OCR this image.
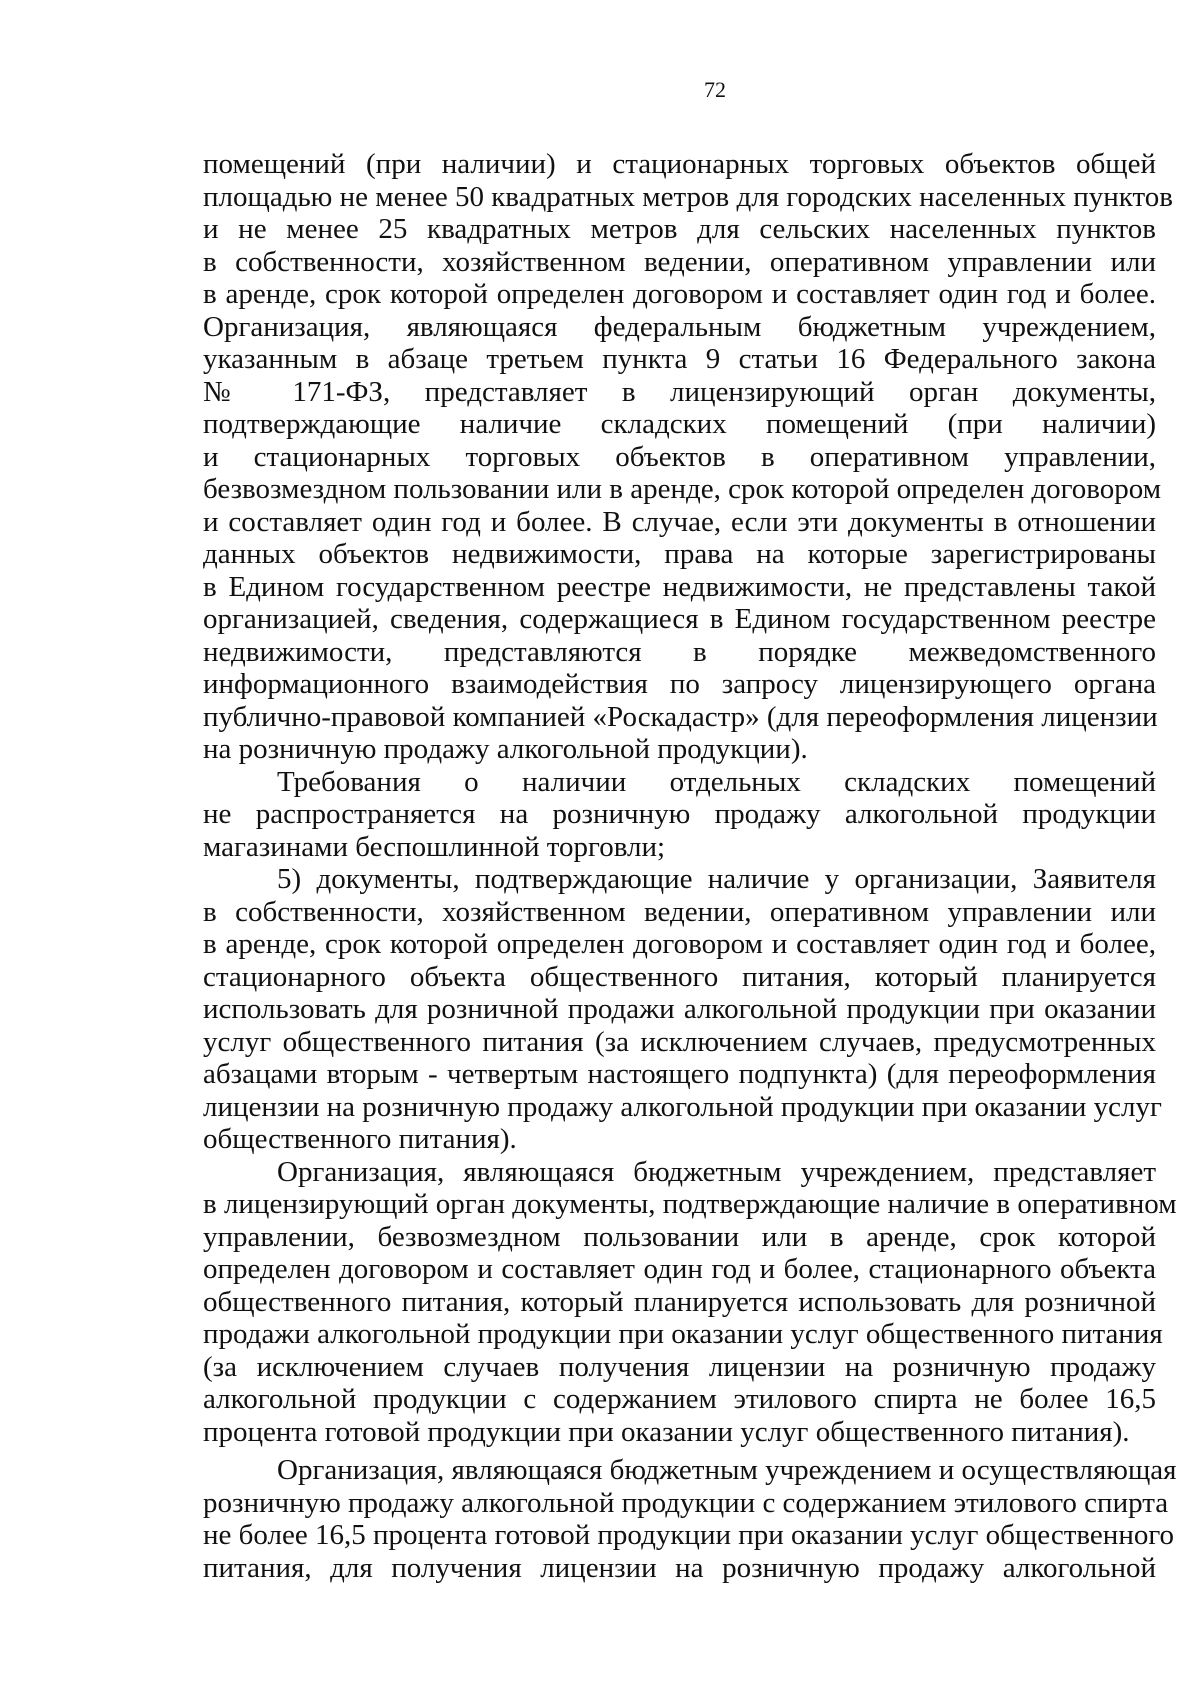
72
помещений (при наличии) и стационарных торговых объектов общей
площадью не менее 50 квадратных метров для городских населенных пунктов
и не менее 25 квадратных метров для сельских населенных пунктов
в собственности, хозяйственном ведении, оперативном управлении или
в аренде, срок которой определен договором и составляет один год и более.
Организация, являющаяся федеральным бюджетным учреждением,
указанным в абзаце третьем пункта 9 статьи 16 Федерального закона
№ 171-ФЗ, представляет в лицензирующий орган документы,
подтверждающие наличие складских помещений (при наличии)
и стационарных торговых объектов в оперативном управлении,
безвозмездном пользовании или в аренде, срок которой определен договором
и составляет один год и более. В случае, если эти документы в отношении
данных объектов недвижимости, права на которые зарегистрированы
в Едином государственном реестре недвижимости, не представлены такой
организацией, сведения, содержащиеся в Едином государственном реестре
недвижимости, представляются в порядке межведомственного
информационного взаимодействия по запросу лицензирующего органа
публично-правовой компанией «Роскадастр» (для переоформления лицензии
на розничную продажу алкогольной продукции).
Требования о наличии отдельных складских помещений
не распространяется на розничную продажу алкогольной продукции
магазинами беспошлинной торговли;
5) документы, подтверждающие наличие у организации, Заявителя
в собственности, хозяйственном ведении, оперативном управлении или
в аренде, срок которой определен договором и составляет один год и более,
стационарного объекта общественного питания, который планируется
использовать для розничной продажи алкогольной продукции при оказании
услуг общественного питания (за исключением случаев, предусмотренных
абзацами вторым - четвертым настоящего подпункта) (для переоформления
лицензии на розничную продажу алкогольной продукции при оказании услуг
общественного питания).
Организация, являющаяся бюджетным учреждением, представляет
в лицензирующий орган документы, подтверждающие наличие в оперативном
управлении, безвозмездном пользовании или в аренде, срок которой
определен договором и составляет один год и более, стационарного объекта
общественного питания, который планируется использовать для розничной
продажи алкогольной продукции при оказании услуг общественного питания
(за исключением случаев получения лицензии на розничную продажу
алкогольной продукции с содержанием этилового спирта не более 16,5
процента готовой продукции при оказании услуг общественного питания).
Организация, являющаяся бюджетным учреждением и осуществляющая
розничную продажу алкогольной продукции с содержанием этилового спирта
не более 16,5 процента готовой продукции при оказании услуг общественного
питания, для получения лицензии на розничную продажу алкогольной
